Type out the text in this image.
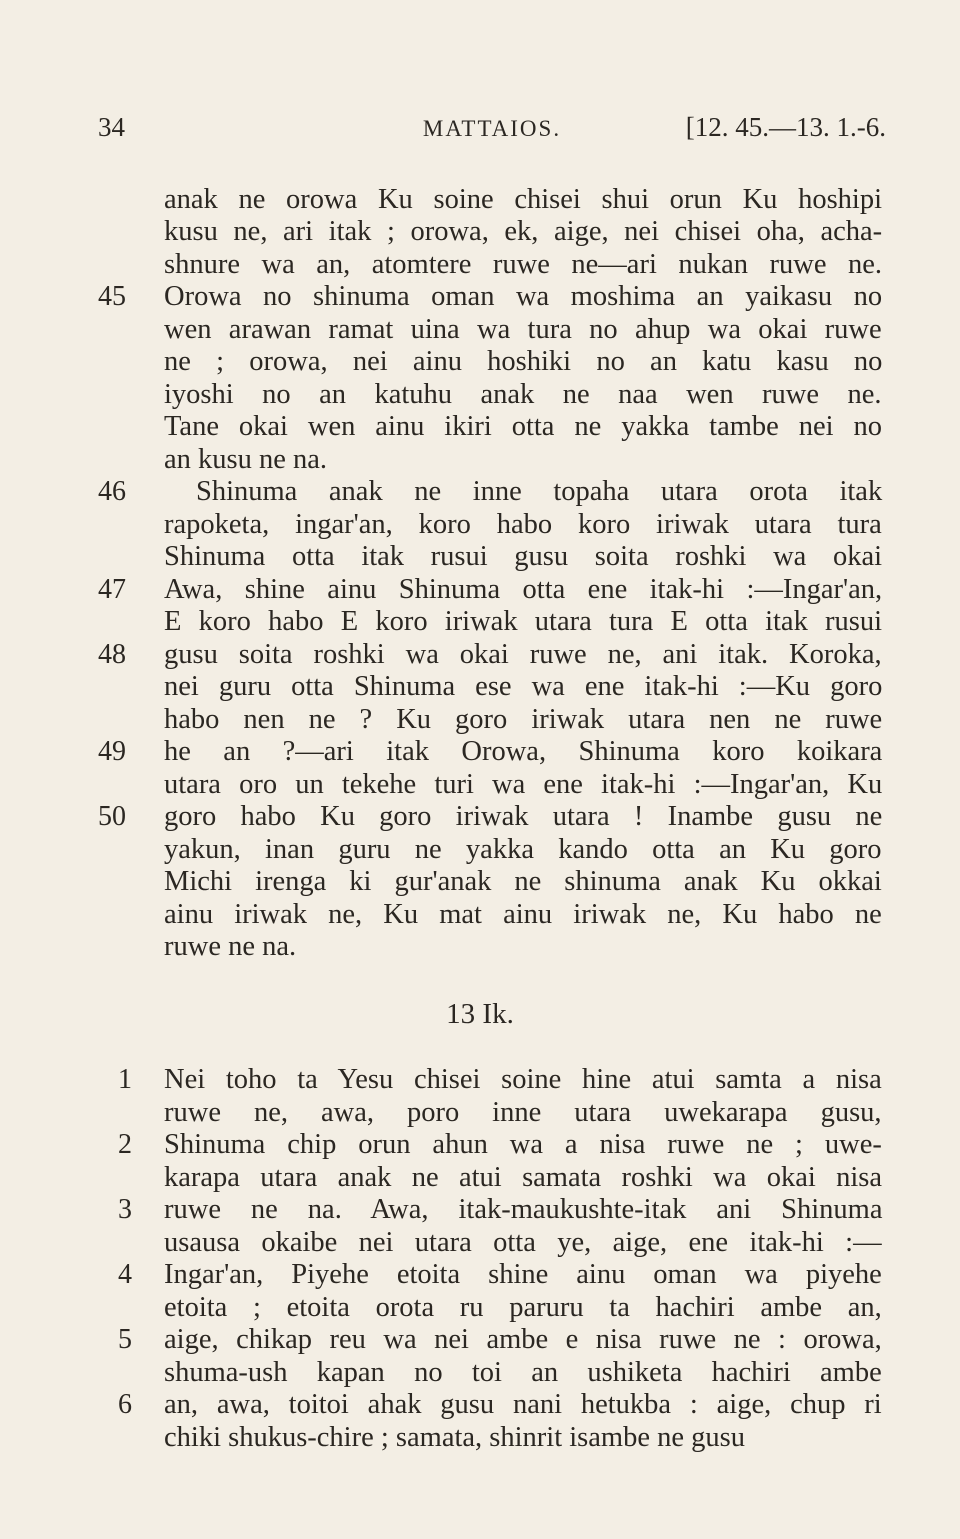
34	MATTAIOS.	[12. 45.—13. 1.-6.
anak ne orowa Ku soine chisei shui orun Ku hoshipi
kusu ne, ari itak ; orowa, ek, aige, nei chisei oha, acha-
shnure wa an, atomtere ruwe ne—ari nukan ruwe ne.
Orowa no shinuma oman wa moshima an yaikasu no
wen arawan ramat uina wa tura no ahup wa okai ruwe
ne ; orowa, nei ainu hoshiki no an katu kasu no
iyoshi no an katuhu anak ne naa wen ruwe ne.
Tane okai wen ainu ikiri otta ne yakka tambe nei no
an kusu ne na.
Shinuma anak ne inne topaha utara orota itak
rapoketa, ingar'an, koro habo koro iriwak utara tura
Shinuma otta itak rusui gusu soita roshki wa okai
Awa, shine ainu Shinuma otta ene itak-hi :—Ingar'an,
E koro habo E koro iriwak utara tura E otta itak rusui
gusu soita roshki wa okai ruwe ne, ani itak. Koroka,
nei guru otta Shinuma ese wa ene itak-hi :—Ku goro
habo nen ne ? Ku goro iriwak utara nen ne ruwe
he an ?—ari itak Orowa, Shinuma koro koikara
utara oro un tekehe turi wa ene itak-hi :—Ingar'an, Ku
goro habo Ku goro iriwak utara ! Inambe gusu ne
yakun, inan guru ne yakka kando otta an Ku goro
Michi irenga ki gur'anak ne shinuma anak Ku okkai
ainu iriwak ne, Ku mat ainu iriwak ne, Ku habo ne
ruwe ne na.
45
46
47
48
49
50
13 Ik.
Nei toho ta Yesu chisei soine hine atui samta a nisa
ruwe ne, awa, poro inne utara uwekarapa gusu,
Shinuma chip orun ahun wa a nisa ruwe ne ; uwe-
karapa utara anak ne atui samata roshki wa okai nisa
ruwe ne na. Awa, itak-maukushte-itak ani Shinuma
usausa okaibe nei utara otta ye, aige, ene itak-hi :—
Ingar'an, Piyehe etoita shine ainu oman wa piyehe
etoita ; etoita orota ru paruru ta hachiri ambe an,
aige, chikap reu wa nei ambe e nisa ruwe ne : orowa,
shuma-ush kapan no toi an ushiketa hachiri ambe
an, awa, toitoi ahak gusu nani hetukba : aige, chup ri
chiki shukus-chire ; samata, shinrit isambe ne gusu
1
2
3
4
5
6
